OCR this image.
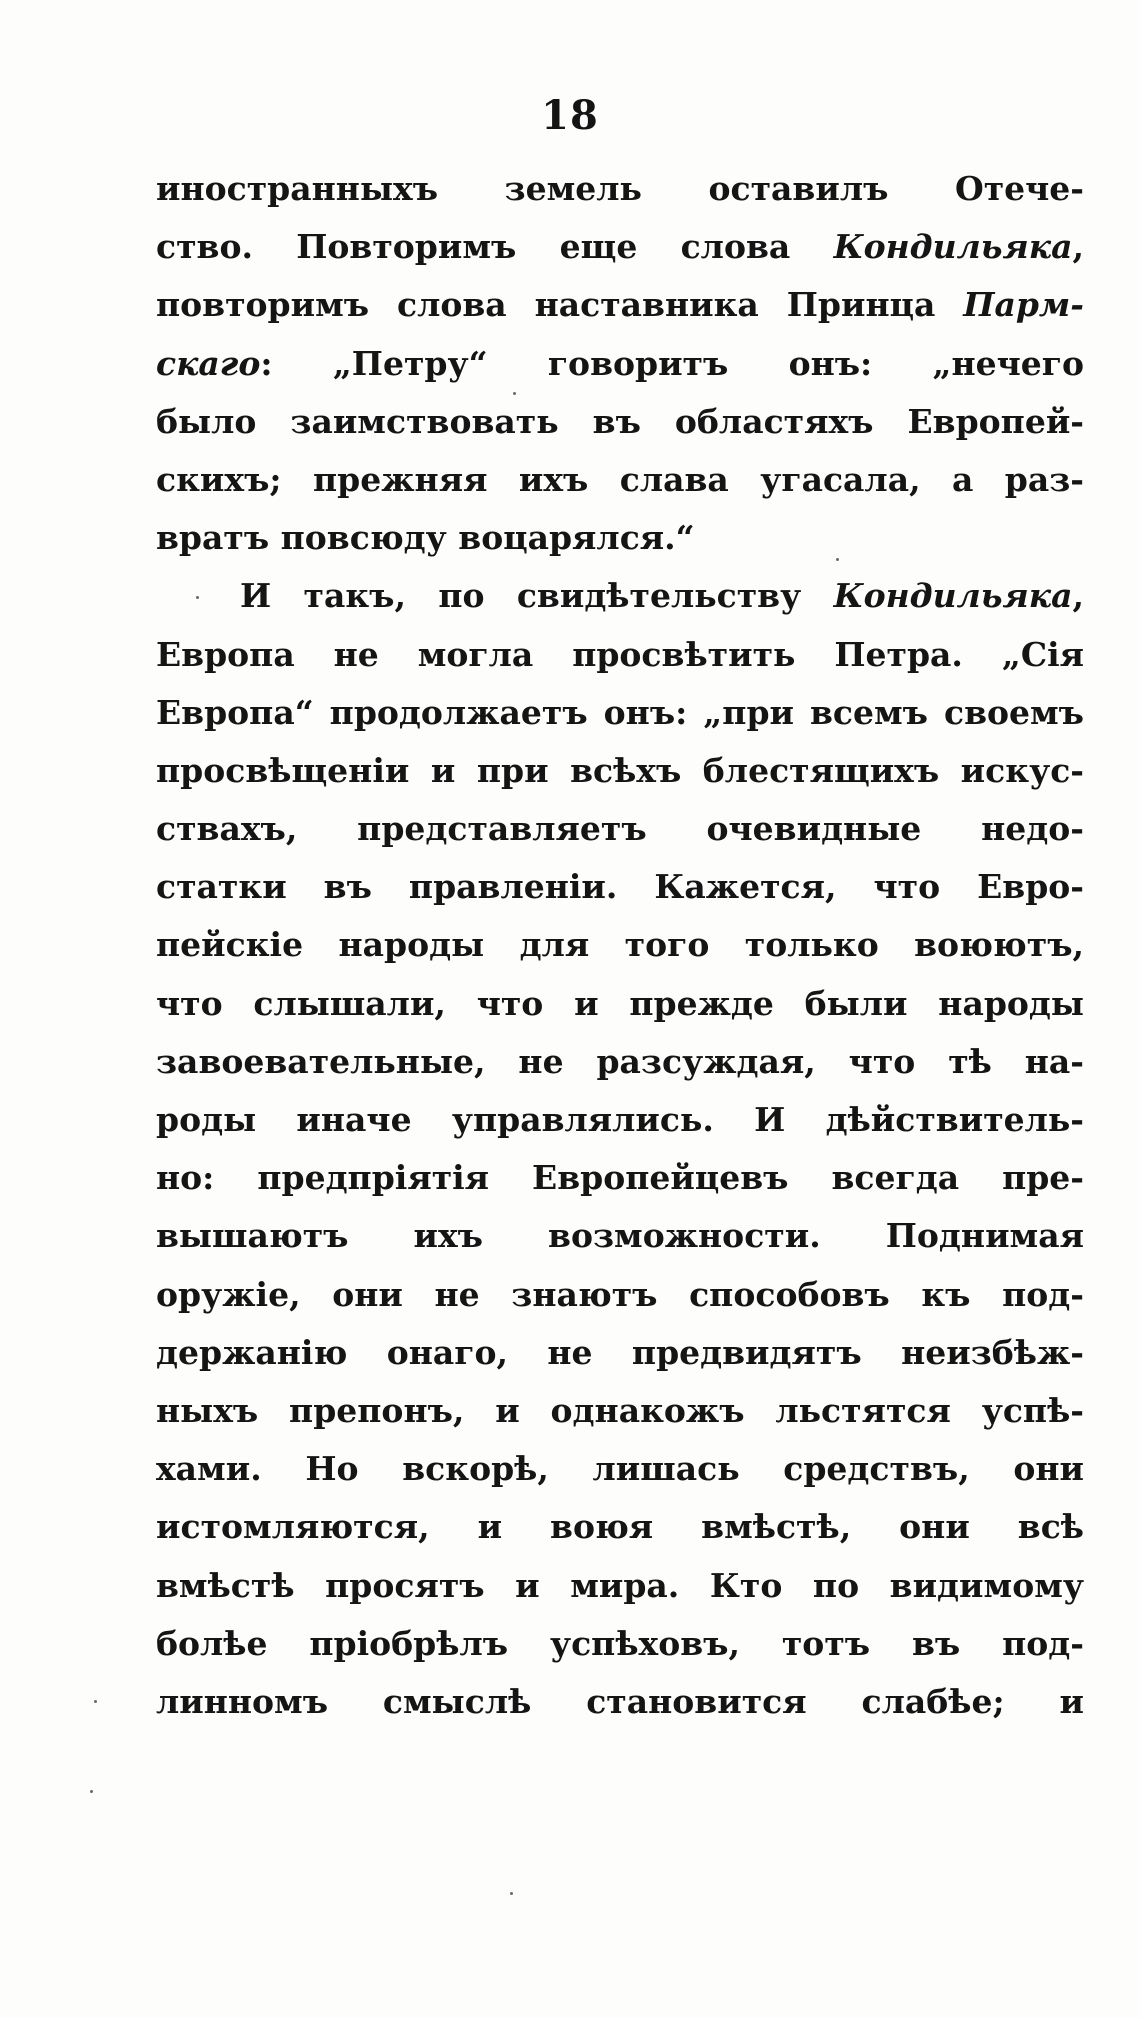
18
иностранныхъ земель оставилъ Отече-
ство. Повторимъ еще слова Кондильяка,
повторимъ слова наставника Принца Парм-
скаго: „Петру“ говоритъ онъ: „нечего
было заимствовать въ областяхъ Европей-
скихъ; прежняя ихъ слава угасала, а раз-
вратъ повсюду воцарялся.“
И такъ, по свидѣтельству Кондильяка,
Европа не могла просвѣтить Петра. „Сія
Европа“ продолжаетъ онъ: „при всемъ своемъ
просвѣщеніи и при всѣхъ блестящихъ искус-
ствахъ, представляетъ очевидные недо-
статки въ правленіи. Кажется, что Евро-
пейскіе народы для того только воюютъ,
что слышали, что и прежде были народы
завоевательные, не разсуждая, что тѣ на-
роды иначе управлялись. И дѣйствитель-
но: предпріятія Европейцевъ всегда пре-
вышаютъ ихъ возможности. Поднимая
оружіе, они не знаютъ способовъ къ под-
держанію онаго, не предвидятъ неизбѣж-
ныхъ препонъ, и однакожъ льстятся успѣ-
хами. Но вскорѣ, лишась средствъ, они
истомляются, и воюя вмѣстѣ, они всѣ
вмѣстѣ просятъ и мира. Кто по видимому
болѣе пріобрѣлъ успѣховъ, тотъ въ под-
линномъ смыслѣ становится слабѣе; и
